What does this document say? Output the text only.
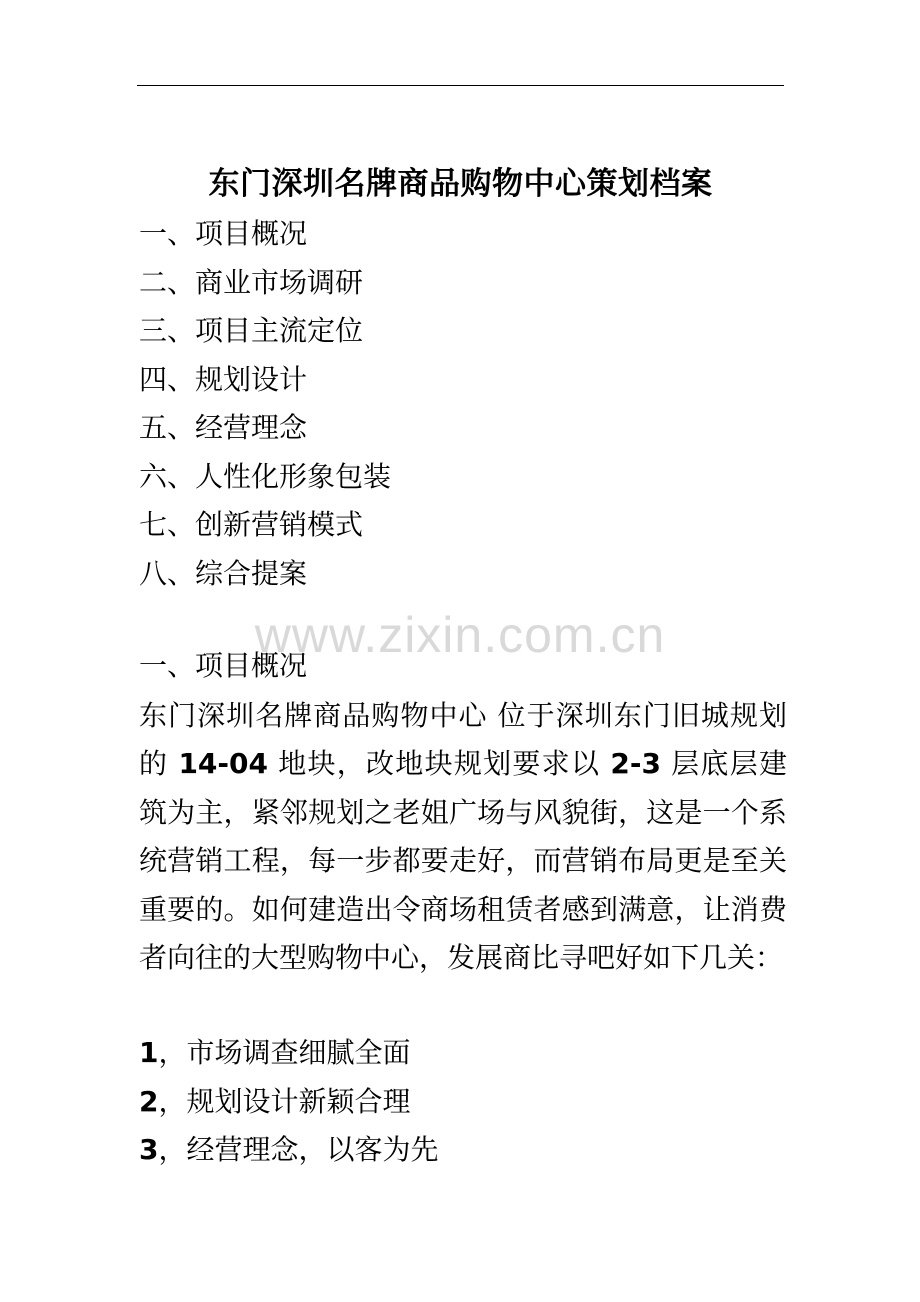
东门深圳名牌商品购物中心策划档案
一、项目概况
二、商业市场调研
三、项目主流定位
四、规划设计
五、经营理念
六、人性化形象包装
七、创新营销模式
八、综合提案
www.zixin.com.cn
一、项目概况

东门深圳名牌商品购物中心 位于深圳东门旧城规划的 14-04 地块，改地块规划要求以 2-3 层底层建筑为主，紧邻规划之老姐广场与风貌街，这是一个系统营销工程，每一步都要走好，而营销布局更是至关重要的。如何建造出令商场租赁者感到满意，让消费者向往的大型购物中心，发展商比寻吧好如下几关：

1，市场调查细腻全面
2，规划设计新颖合理
3，经营理念，以客为先
